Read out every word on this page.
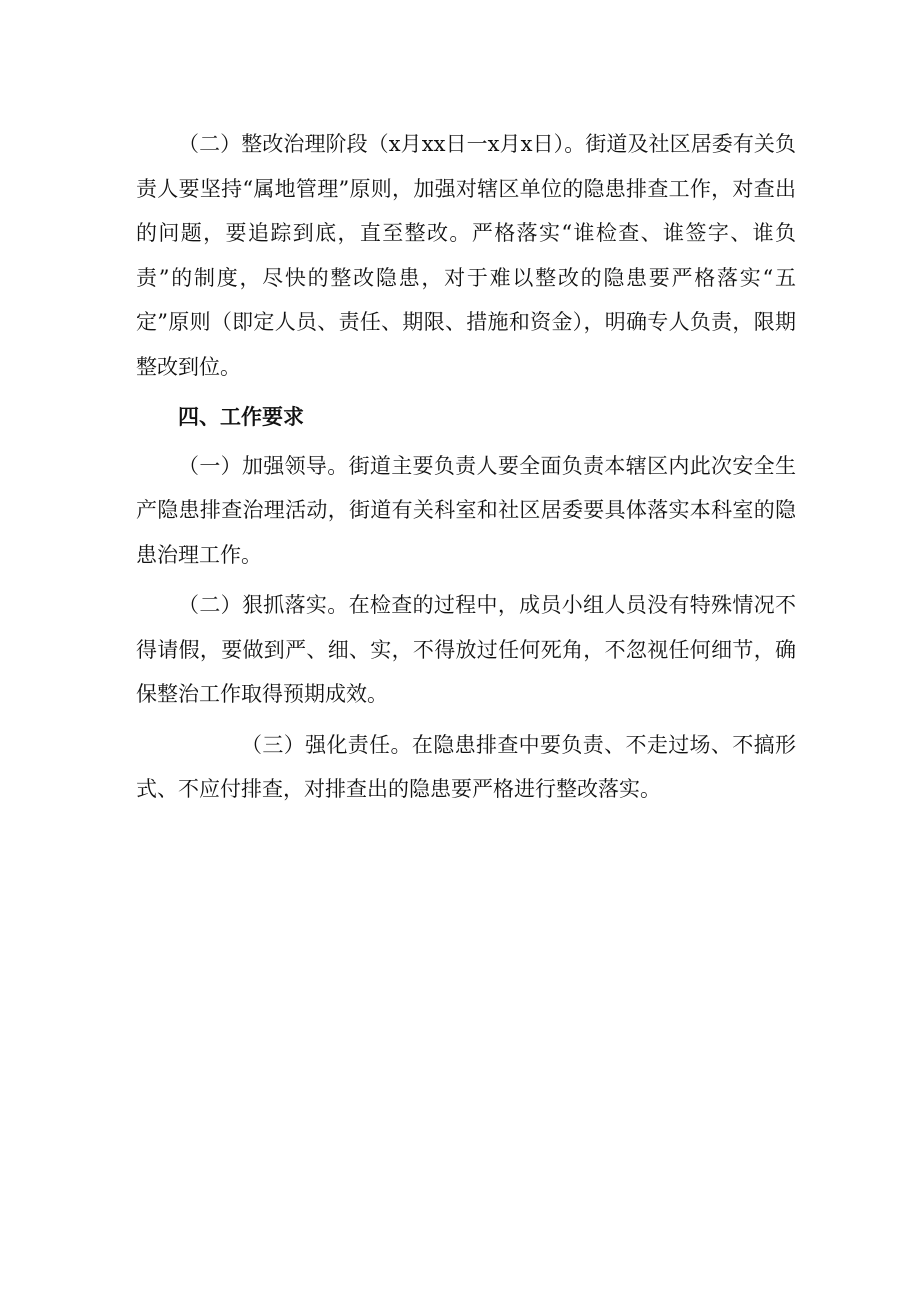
（二）整改治理阶段（x月xx日一x月x日）。街道及社区居委有关负责人要坚持“属地管理”原则，加强对辖区单位的隐患排查工作，对查出的问题，要追踪到底，直至整改。严格落实“谁检查、谁签字、谁负责”的制度，尽快的整改隐患，对于难以整改的隐患要严格落实“五定”原则（即定人员、责任、期限、措施和资金），明确专人负责，限期整改到位。

四、工作要求

（一）加强领导。街道主要负责人要全面负责本辖区内此次安全生产隐患排查治理活动，街道有关科室和社区居委要具体落实本科室的隐患治理工作。

（二）狠抓落实。在检查的过程中，成员小组人员没有特殊情况不得请假，要做到严、细、实，不得放过任何死角，不忽视任何细节，确保整治工作取得预期成效。

（三）强化责任。在隐患排查中要负责、不走过场、不搞形式、不应付排查，对排查出的隐患要严格进行整改落实。
